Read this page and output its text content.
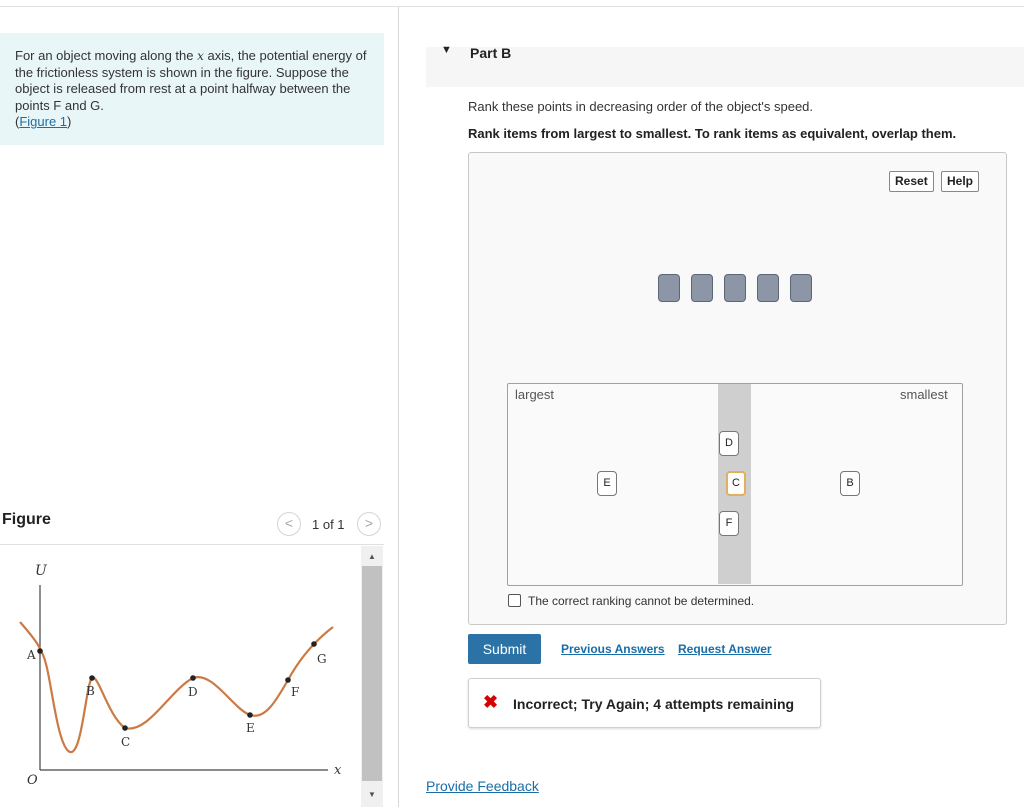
For an object moving along the x axis, the potential energy of the frictionless system is shown in the figure. Suppose the object is released from rest at a point halfway between the points F and G.
(Figure 1)
Figure	<	1 of 1	>
U
x
O
A
B
C
D
E
F
G
▲
▼
▼ Part B
Rank these points in decreasing order of the object's speed.
Rank items from largest to smallest. To rank items as equivalent, overlap them.
Reset	Help
largest	smallest
E
D
C
F
B
The correct ranking cannot be determined.
Submit	Previous Answers Request Answer
✖ Incorrect; Try Again; 4 attempts remaining
Provide Feedback
